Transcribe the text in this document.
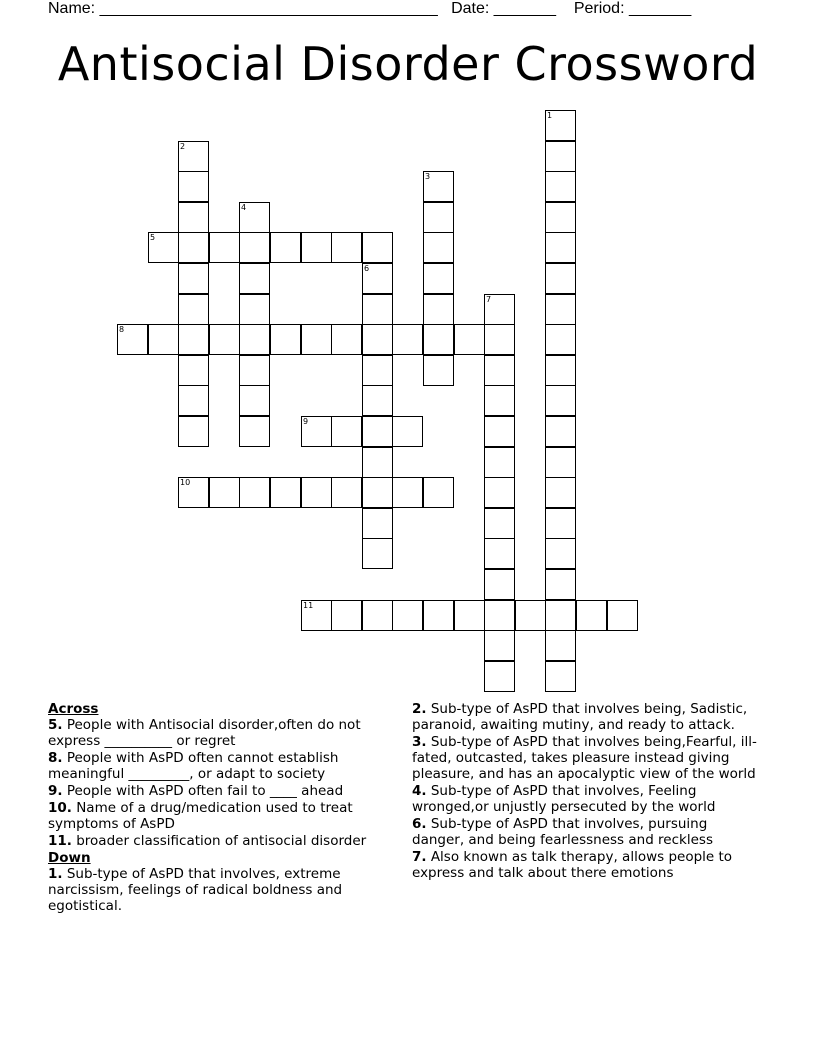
Name: ______________________________________ Date: _______ Period: _______
Antisocial Disorder Crossword
1
2
3
4
5
6
7
8
9
10
11
Across
5. People with Antisocial disorder,often do not express __________ or regret
8. People with AsPD often cannot establish meaningful _________, or adapt to society
9. People with AsPD often fail to ____ ahead
10. Name of a drug/medication used to treat symptoms of AsPD
11. broader classification of antisocial disorder
Down
1. Sub-type of AsPD that involves, extreme narcissism, feelings of radical boldness and egotistical.
2. Sub-type of AsPD that involves being, Sadistic, paranoid, awaiting mutiny, and ready to attack.
3. Sub-type of AsPD that involves being,Fearful, ill-fated, outcasted, takes pleasure instead giving pleasure, and has an apocalyptic view of the world
4. Sub-type of AsPD that involves, Feeling wronged,or unjustly persecuted by the world
6. Sub-type of AsPD that involves, pursuing danger, and being fearlessness and reckless
7. Also known as talk therapy, allows people to express and talk about there emotions
